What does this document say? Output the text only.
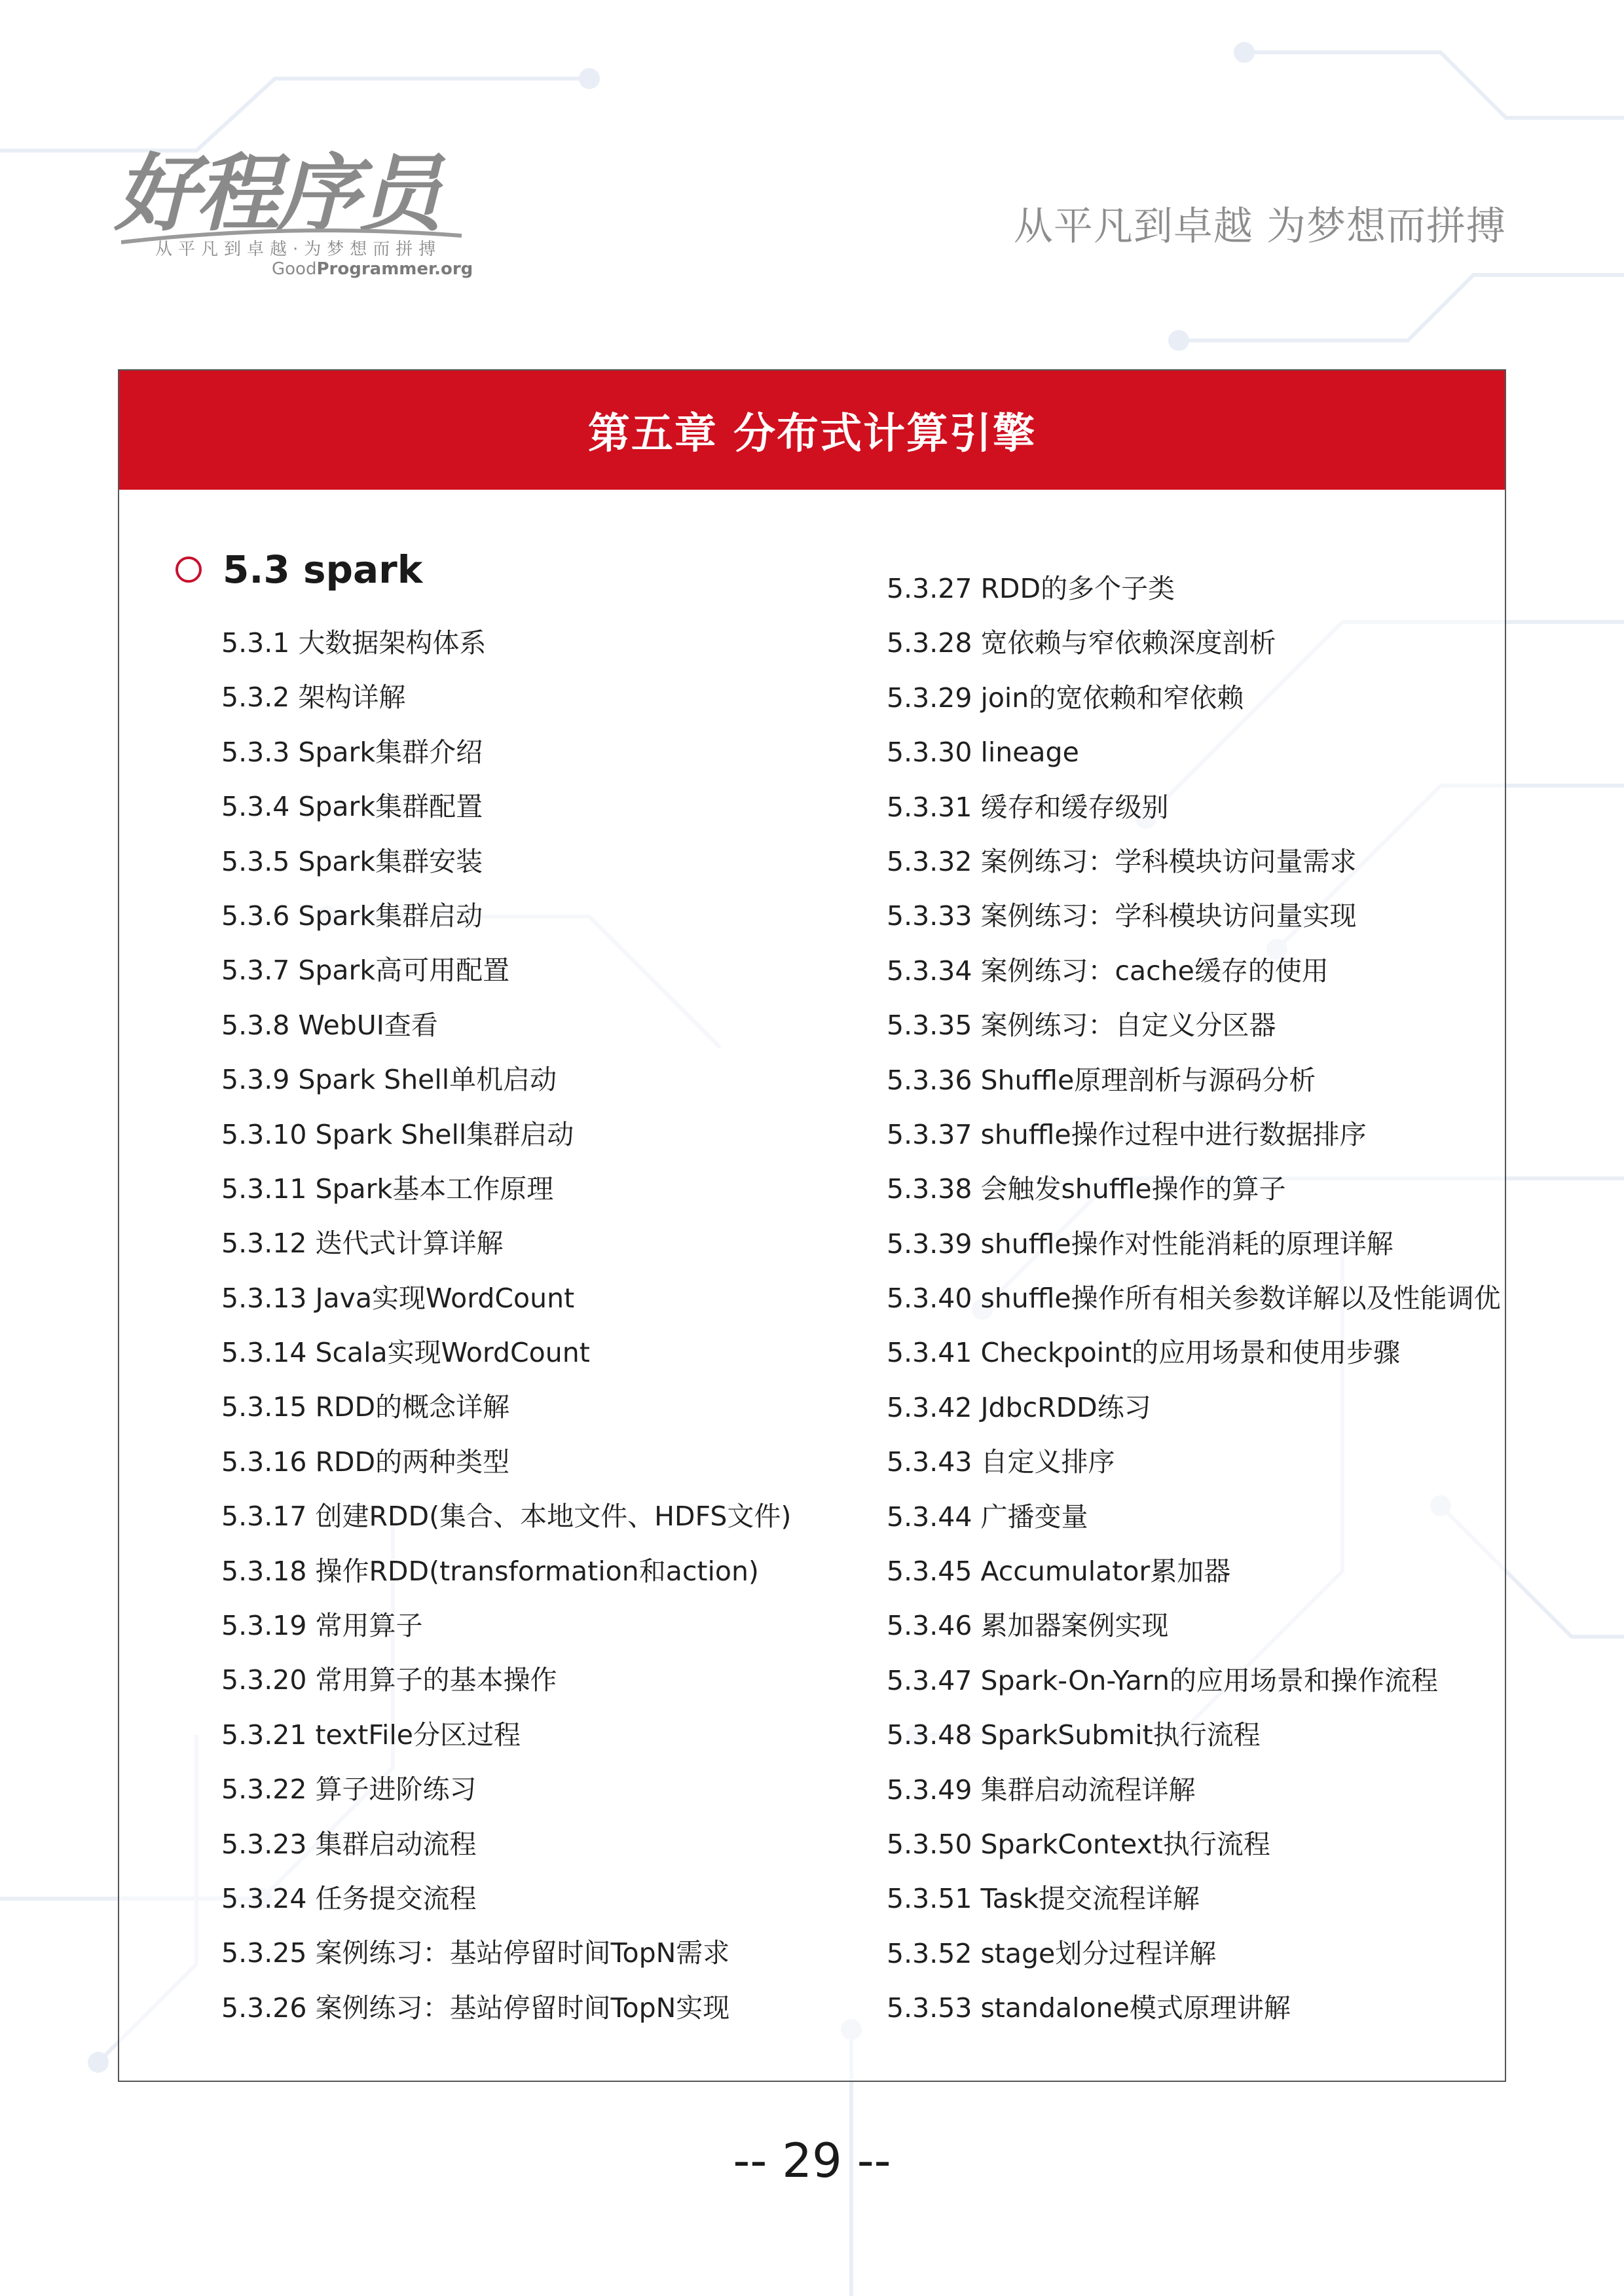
好程序员
从平凡到卓越·为梦想而拼搏
GoodProgrammer.org
从平凡到卓越 为梦想而拼搏
第五章 分布式计算引擎
5.3 spark
5.3.1 大数据架构体系
5.3.2 架构详解
5.3.3 Spark集群介绍
5.3.4 Spark集群配置
5.3.5 Spark集群安装
5.3.6 Spark集群启动
5.3.7 Spark高可用配置
5.3.8 WebUI查看
5.3.9 Spark Shell单机启动
5.3.10 Spark Shell集群启动
5.3.11 Spark基本工作原理
5.3.12 迭代式计算详解
5.3.13 Java实现WordCount
5.3.14 Scala实现WordCount
5.3.15 RDD的概念详解
5.3.16 RDD的两种类型
5.3.17 创建RDD(集合、本地文件、HDFS文件)
5.3.18 操作RDD(transformation和action)
5.3.19 常用算子
5.3.20 常用算子的基本操作
5.3.21 textFile分区过程
5.3.22 算子进阶练习
5.3.23 集群启动流程
5.3.24 任务提交流程
5.3.25 案例练习：基站停留时间TopN需求
5.3.26 案例练习：基站停留时间TopN实现
5.3.27 RDD的多个子类
5.3.28 宽依赖与窄依赖深度剖析
5.3.29 join的宽依赖和窄依赖
5.3.30 lineage
5.3.31 缓存和缓存级别
5.3.32 案例练习：学科模块访问量需求
5.3.33 案例练习：学科模块访问量实现
5.3.34 案例练习：cache缓存的使用
5.3.35 案例练习：自定义分区器
5.3.36 Shuffle原理剖析与源码分析
5.3.37 shuffle操作过程中进行数据排序
5.3.38 会触发shuffle操作的算子
5.3.39 shuffle操作对性能消耗的原理详解
5.3.40 shuffle操作所有相关参数详解以及性能调优
5.3.41 Checkpoint的应用场景和使用步骤
5.3.42 JdbcRDD练习
5.3.43 自定义排序
5.3.44 广播变量
5.3.45 Accumulator累加器
5.3.46 累加器案例实现
5.3.47 Spark-On-Yarn的应用场景和操作流程
5.3.48 SparkSubmit执行流程
5.3.49 集群启动流程详解
5.3.50 SparkContext执行流程
5.3.51 Task提交流程详解
5.3.52 stage划分过程详解
5.3.53 standalone模式原理讲解
-- 29 --
